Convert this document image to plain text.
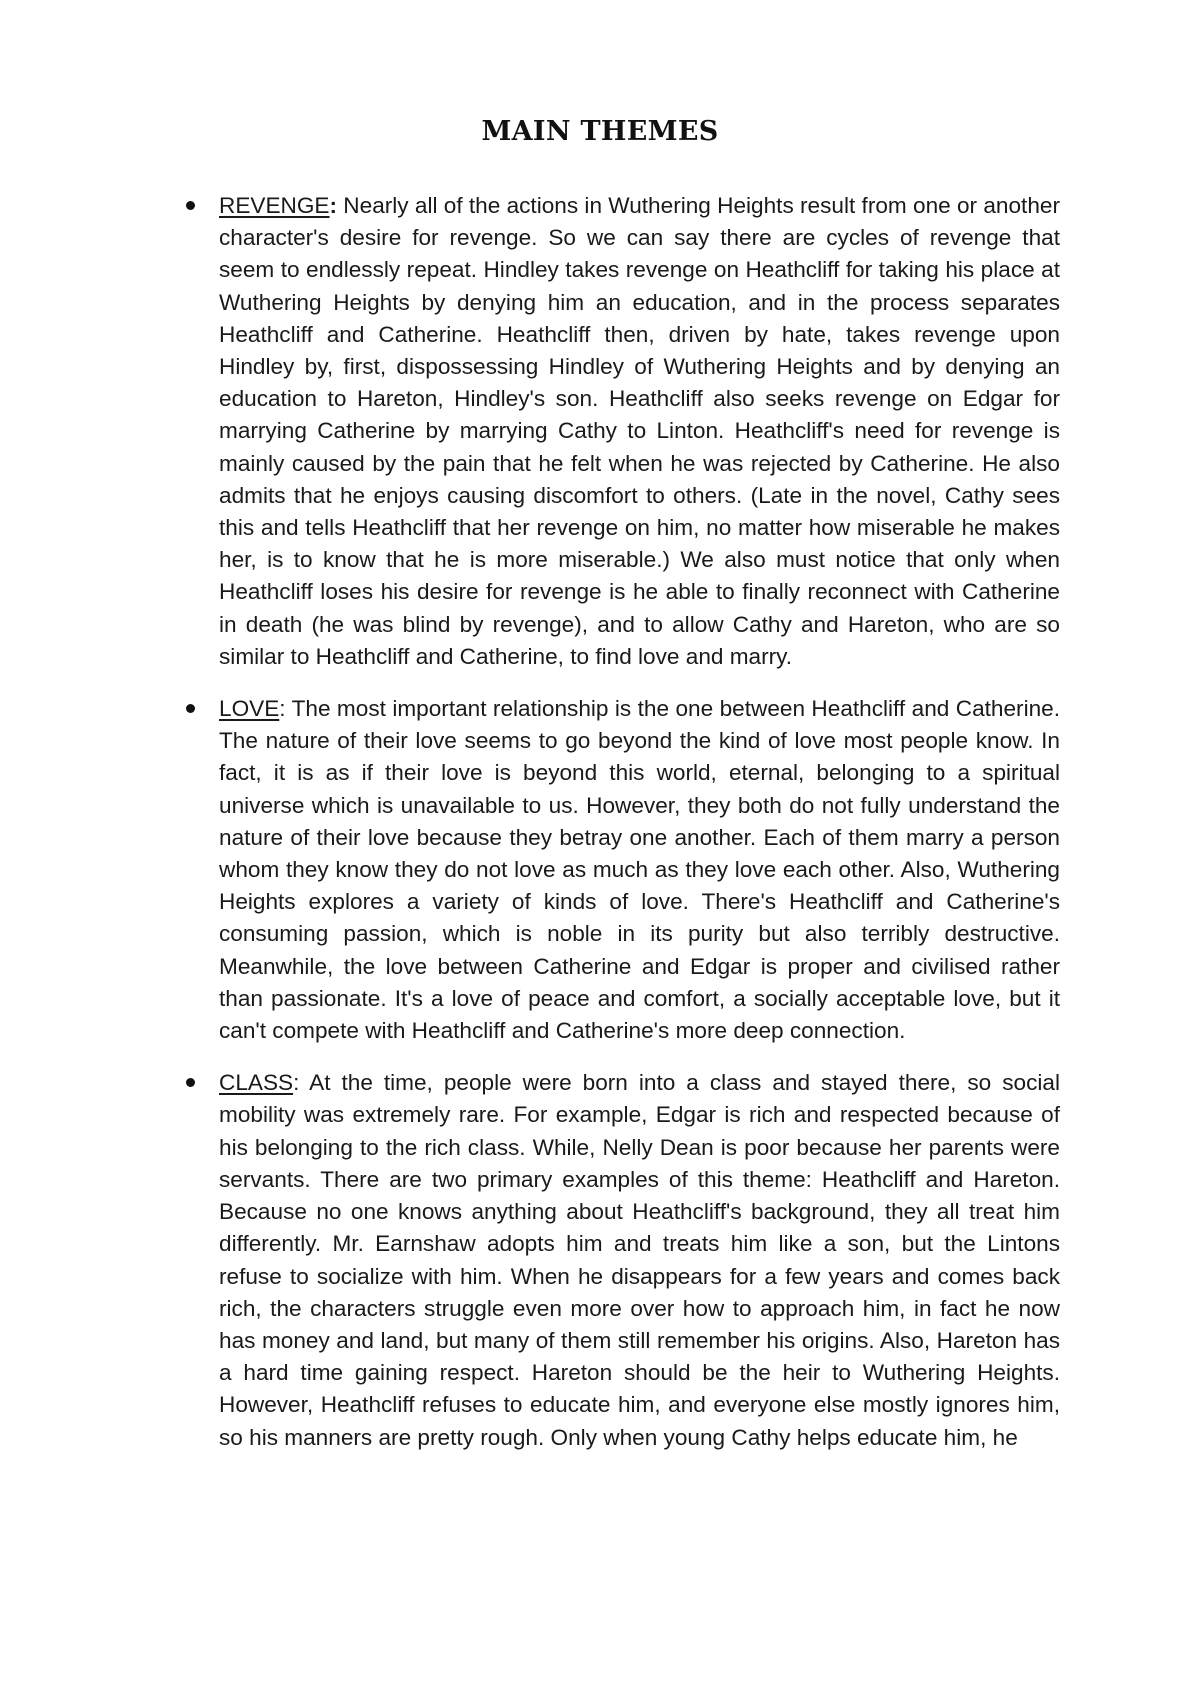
MAIN THEMES

REVENGE: Nearly all of the actions in Wuthering Heights result from one or another character's desire for revenge. So we can say there are cycles of revenge that seem to endlessly repeat. Hindley takes revenge on Heathcliff for taking his place at Wuthering Heights by denying him an education, and in the process separates Heathcliff and Catherine. Heathcliff then, driven by hate, takes revenge upon Hindley by, first, dispossessing Hindley of Wuthering Heights and by denying an education to Hareton, Hindley's son. Heathcliff also seeks revenge on Edgar for marrying Catherine by marrying Cathy to Linton. Heathcliff's need for revenge is mainly caused by the pain that he felt when he was rejected by Catherine. He also admits that he enjoys causing discomfort to others. (Late in the novel, Cathy sees this and tells Heathcliff that her revenge on him, no matter how miserable he makes her, is to know that he is more miserable.) We also must notice that only when Heathcliff loses his desire for revenge is he able to finally reconnect with Catherine in death (he was blind by revenge), and to allow Cathy and Hareton, who are so similar to Heathcliff and Catherine, to find love and marry.

LOVE: The most important relationship is the one between Heathcliff and Catherine. The nature of their love seems to go beyond the kind of love most people know. In fact, it is as if their love is beyond this world, eternal, belonging to a spiritual universe which is unavailable to us. However, they both do not fully understand the nature of their love because they betray one another. Each of them marry a person whom they know they do not love as much as they love each other. Also, Wuthering Heights explores a variety of kinds of love. There's Heathcliff and Catherine's consuming passion, which is noble in its purity but also terribly destructive. Meanwhile, the love between Catherine and Edgar is proper and civilised rather than passionate. It's a love of peace and comfort, a socially acceptable love, but it can't compete with Heathcliff and Catherine's more deep connection.

CLASS: At the time, people were born into a class and stayed there, so social mobility was extremely rare. For example, Edgar is rich and respected because of his belonging to the rich class. While, Nelly Dean is poor because her parents were servants. There are two primary examples of this theme: Heathcliff and Hareton. Because no one knows anything about Heathcliff's background, they all treat him differently. Mr. Earnshaw adopts him and treats him like a son, but the Lintons refuse to socialize with him. When he disappears for a few years and comes back rich, the characters struggle even more over how to approach him, in fact he now has money and land, but many of them still remember his origins. Also, Hareton has a hard time gaining respect. Hareton should be the heir to Wuthering Heights. However, Heathcliff refuses to educate him, and everyone else mostly ignores him, so his manners are pretty rough. Only when young Cathy helps educate him, he
